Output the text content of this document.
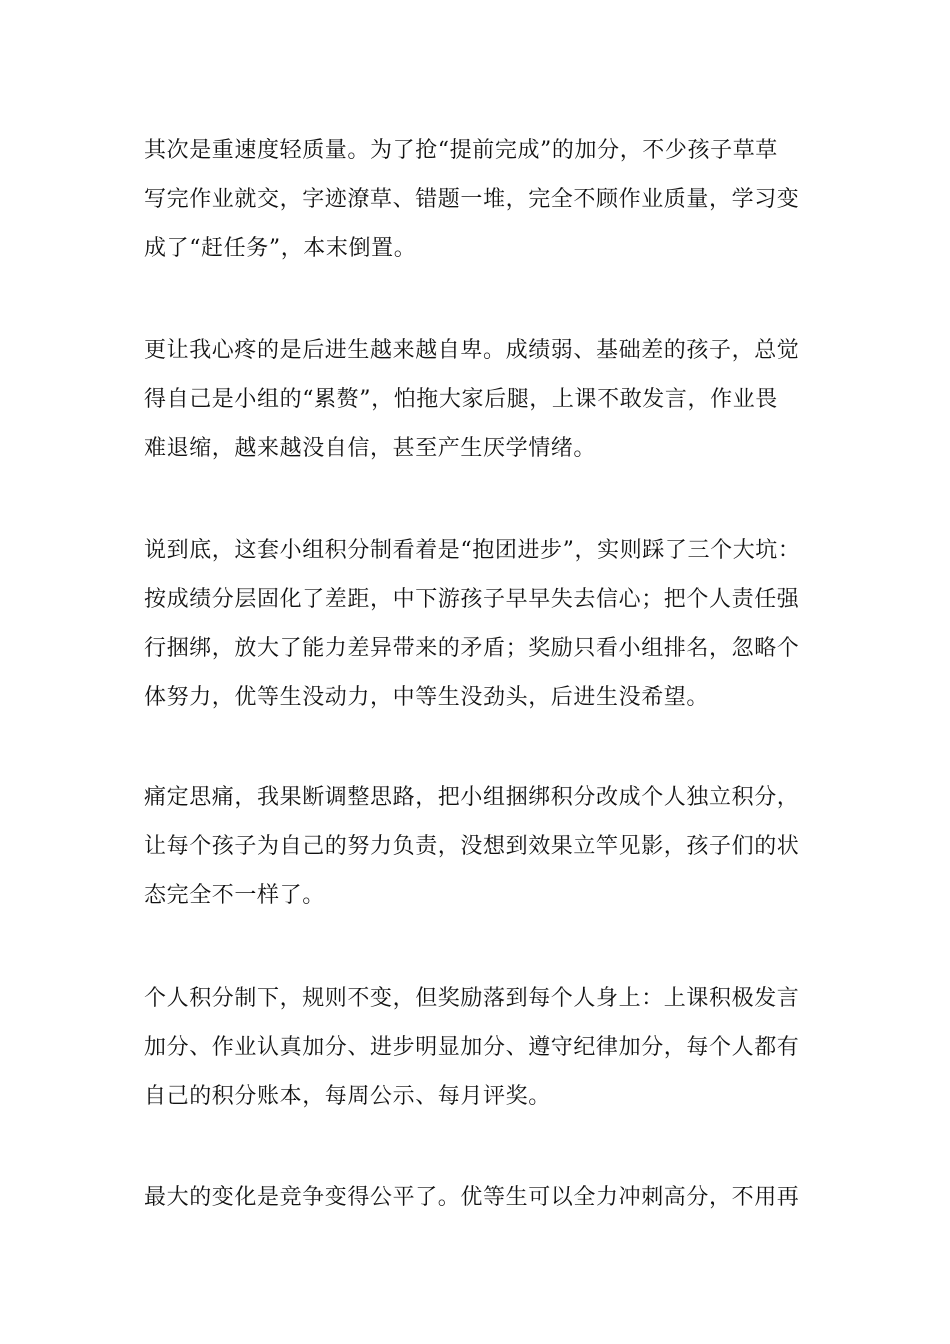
其次是重速度轻质量。为了抢“提前完成”的加分，不少孩子草草
写完作业就交，字迹潦草、错题一堆，完全不顾作业质量，学习变
成了“赶任务”，本末倒置。
更让我心疼的是后进生越来越自卑。成绩弱、基础差的孩子，总觉
得自己是小组的“累赘”，怕拖大家后腿，上课不敢发言，作业畏
难退缩，越来越没自信，甚至产生厌学情绪。
说到底，这套小组积分制看着是“抱团进步”，实则踩了三个大坑：
按成绩分层固化了差距，中下游孩子早早失去信心；把个人责任强
行捆绑，放大了能力差异带来的矛盾；奖励只看小组排名，忽略个
体努力，优等生没动力，中等生没劲头，后进生没希望。
痛定思痛，我果断调整思路，把小组捆绑积分改成个人独立积分，
让每个孩子为自己的努力负责，没想到效果立竿见影，孩子们的状
态完全不一样了。
个人积分制下，规则不变，但奖励落到每个人身上：上课积极发言
加分、作业认真加分、进步明显加分、遵守纪律加分，每个人都有
自己的积分账本，每周公示、每月评奖。
最大的变化是竞争变得公平了。优等生可以全力冲刺高分，不用再
